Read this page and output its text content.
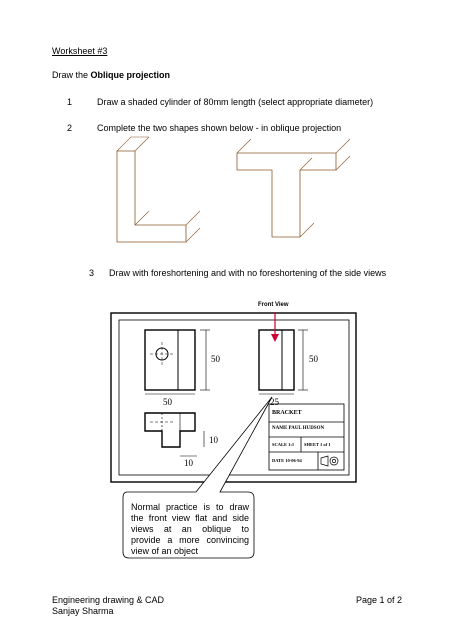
Worksheet #3
Draw the Oblique projection
1	Draw a shaded cylinder of 80mm length (select appropriate diameter)
2	Complete the two shapes shown below - in oblique projection
3 Draw with foreshortening and with no foreshortening of the side views
Front View
50
50
50
25
10
10
BRACKET
NAME PAUL HUDSON
SCALE 1:1 SHEET 1 of 1
DATE 10-06-94
Normal practice is to draw the front view flat and side views at an oblique to provide a more convincing view of an object
Engineering drawing & CAD
Sanjay Sharma
Page 1 of 2
